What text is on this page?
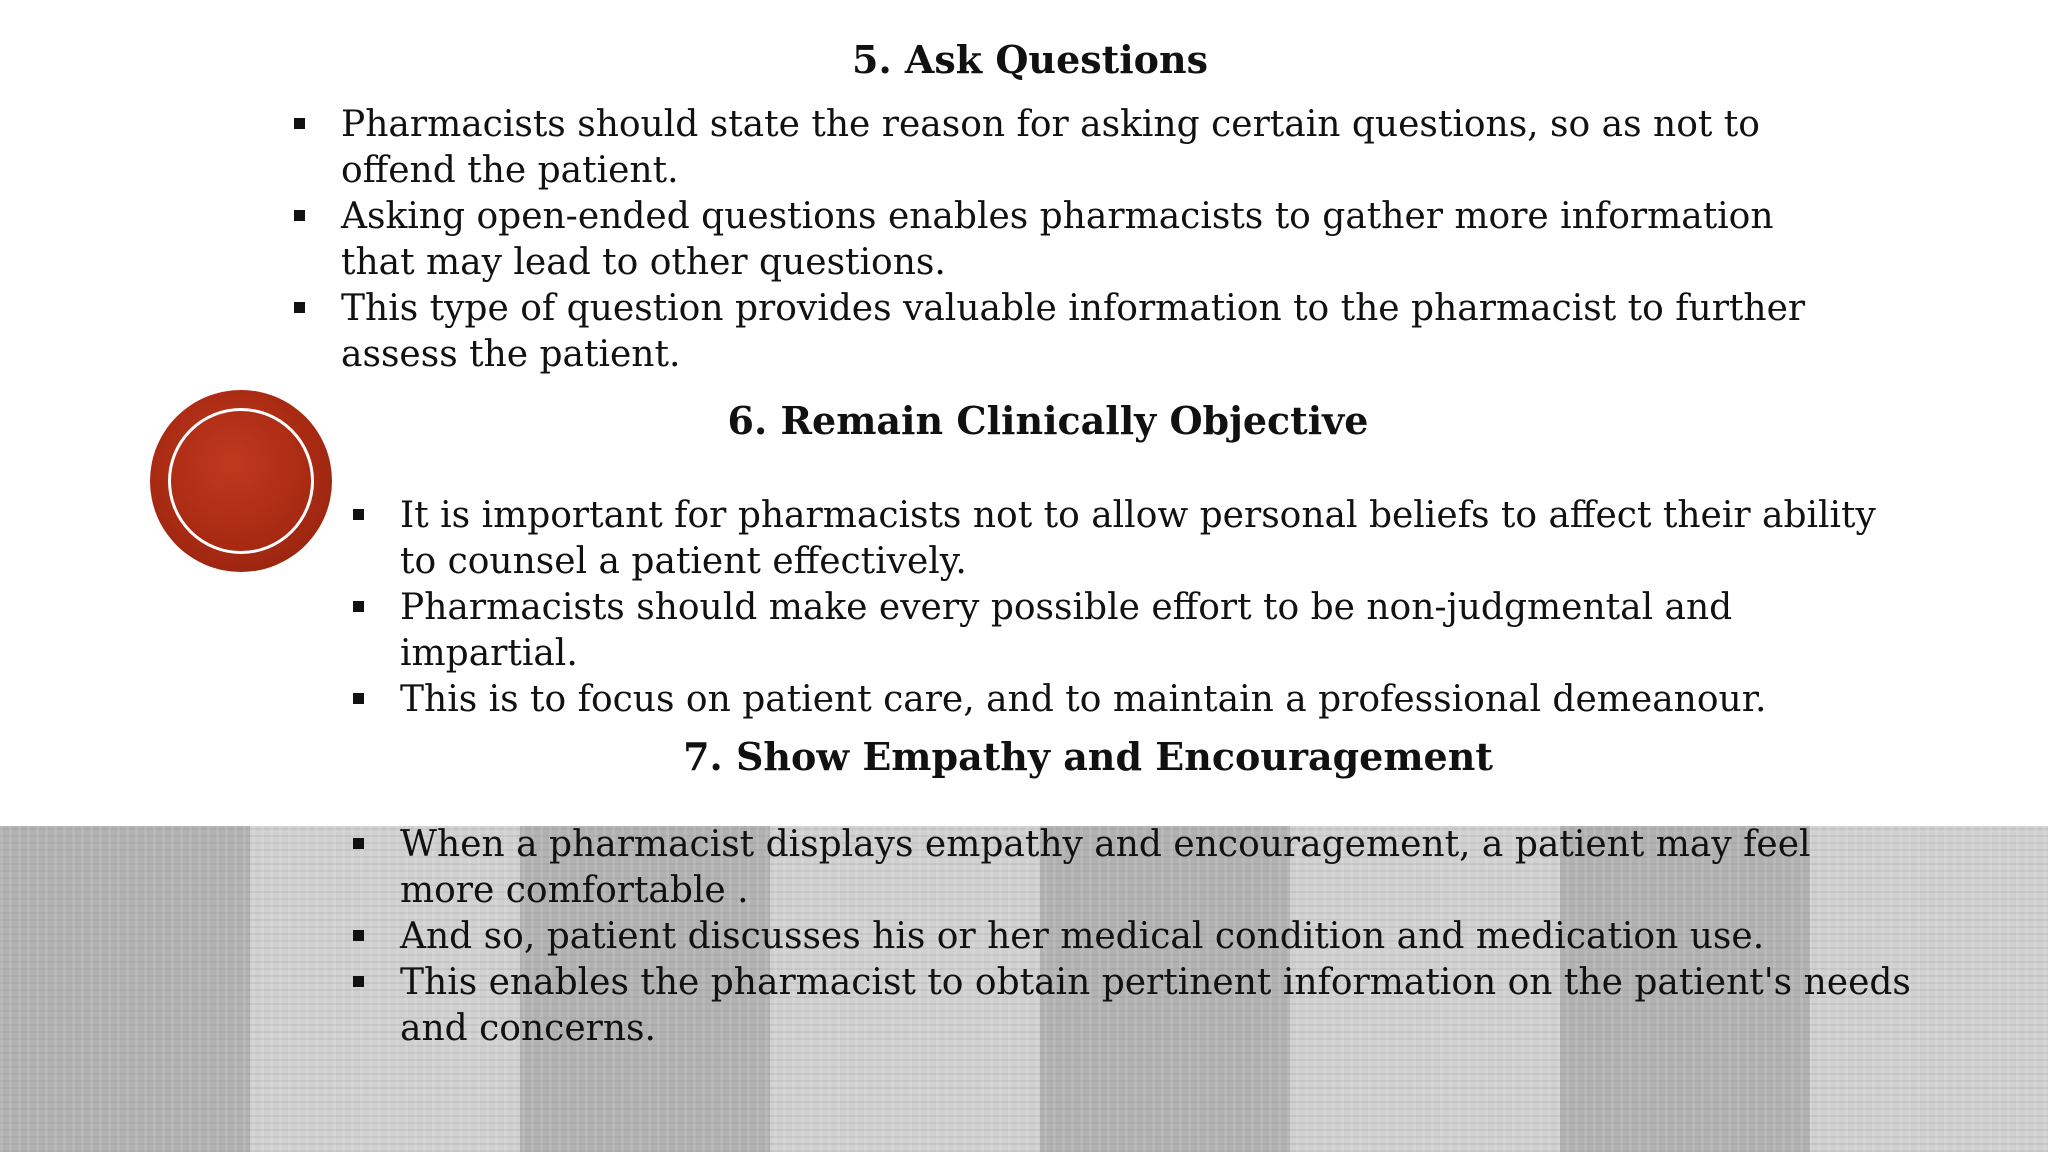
5. Ask Questions
Pharmacists should state the reason for asking certain questions, so as not to offend the patient.
Asking open-ended questions enables pharmacists to gather more information that may lead to other questions.
This type of question provides valuable information to the pharmacist to further assess the patient.
6. Remain Clinically Objective
It is important for pharmacists not to allow personal beliefs to affect their ability to counsel a patient effectively.
Pharmacists should make every possible effort to be non-judgmental and impartial.
This is to focus on patient care, and to maintain a professional demeanour.
7. Show Empathy and Encouragement
When a pharmacist displays empathy and encouragement, a patient may feel more comfortable .
And so, patient discusses his or her medical condition and medication use.
This enables the pharmacist to obtain pertinent information on the patient's needs and concerns.
